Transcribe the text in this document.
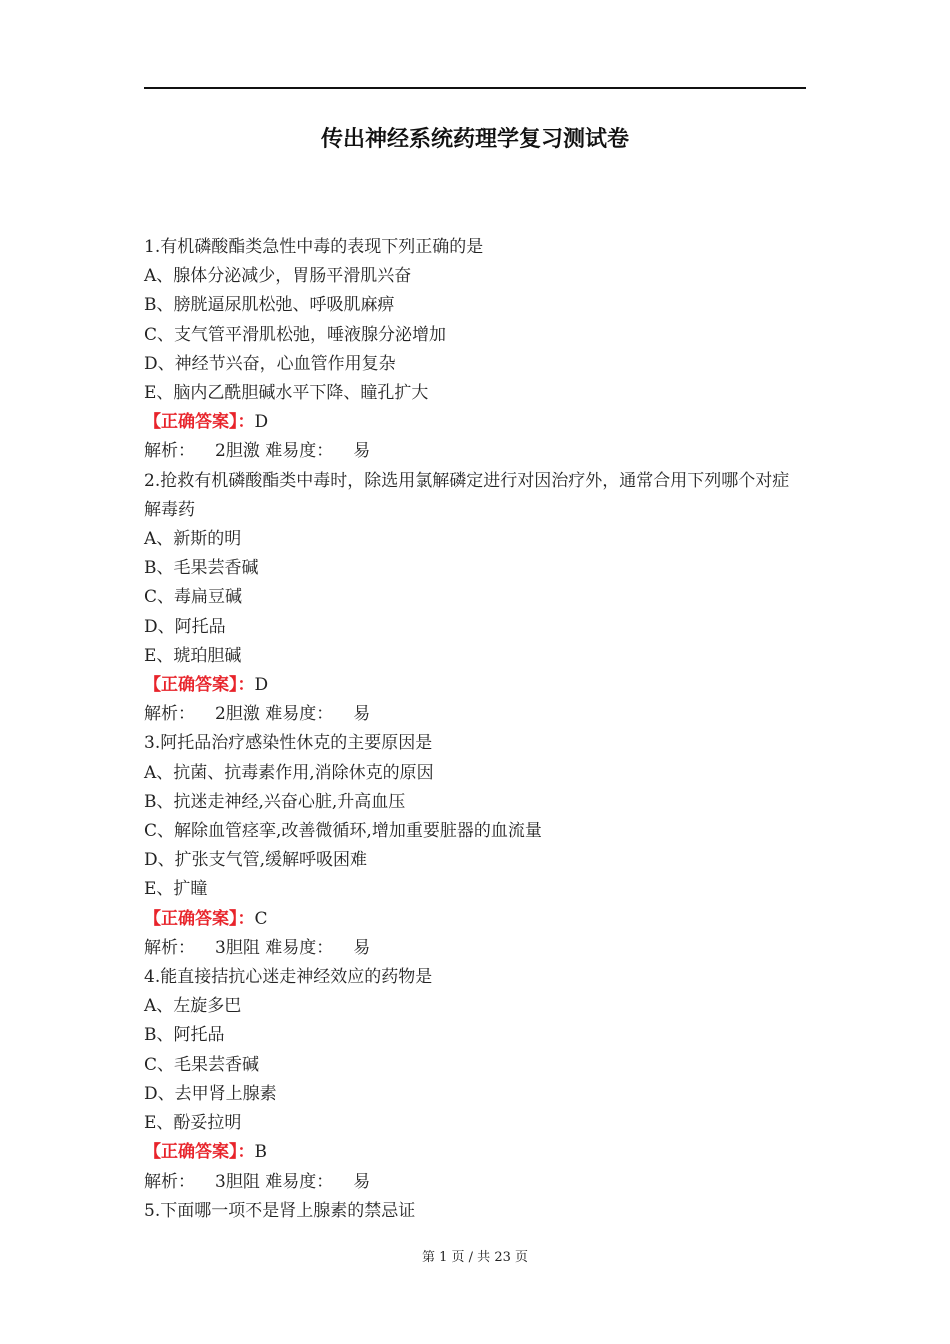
传出神经系统药理学复习测试卷
1.有机磷酸酯类急性中毒的表现下列正确的是
A、腺体分泌减少，胃肠平滑肌兴奋
B、膀胱逼尿肌松弛、呼吸肌麻痹
C、支气管平滑肌松弛，唾液腺分泌增加
D、神经节兴奋，心血管作用复杂
E、脑内乙酰胆碱水平下降、瞳孔扩大
【正确答案】：D
解析： 2胆激 难易度： 易
2.抢救有机磷酸酯类中毒时，除选用氯解磷定进行对因治疗外，通常合用下列哪个对症解毒药
A、新斯的明
B、毛果芸香碱
C、毒扁豆碱
D、阿托品
E、琥珀胆碱
【正确答案】：D
解析： 2胆激 难易度： 易
3.阿托品治疗感染性休克的主要原因是
A、抗菌、抗毒素作用,消除休克的原因
B、抗迷走神经,兴奋心脏,升高血压
C、解除血管痉挛,改善微循环,增加重要脏器的血流量
D、扩张支气管,缓解呼吸困难
E、扩瞳
【正确答案】：C
解析： 3胆阻 难易度： 易
4.能直接拮抗心迷走神经效应的药物是
A、左旋多巴
B、阿托品
C、毛果芸香碱
D、去甲肾上腺素
E、酚妥拉明
【正确答案】：B
解析： 3胆阻 难易度： 易
5.下面哪一项不是肾上腺素的禁忌证
第 1 页 / 共 23 页
